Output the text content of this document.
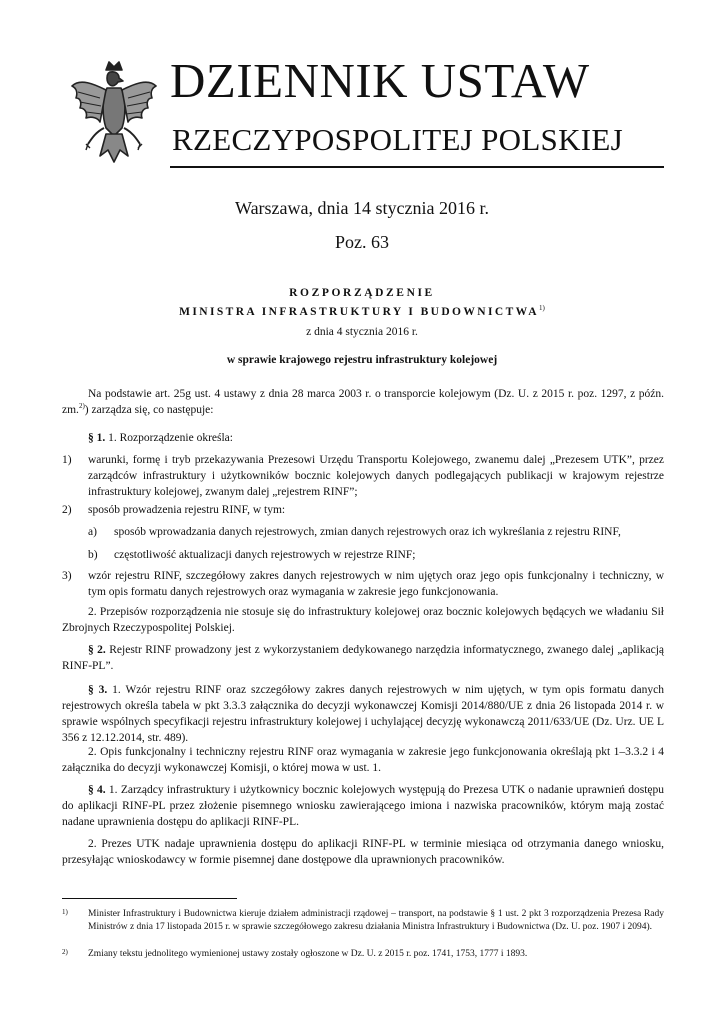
DZIENNIK USTAW
RZECZYPOSPOLITEJ POLSKIEJ
Warszawa, dnia 14 stycznia 2016 r.
Poz. 63
ROZPORZĄDZENIE
MINISTRA INFRASTRUKTURY I BUDOWNICTWA$^{1)}$
z dnia 4 stycznia 2016 r.
w sprawie krajowego rejestru infrastruktury kolejowej

Na podstawie art. 25g ust. 4 ustawy z dnia 28 marca 2003 r. o transporcie kolejowym (Dz. U. z 2015 r. poz. 1297, z późn. zm.$^{2)}$) zarządza się, co następuje:

§ 1. 1. Rozporządzenie określa:

1) warunki, formę i tryb przekazywania Prezesowi Urzędu Transportu Kolejowego, zwanemu dalej „Prezesem UTK”, przez zarządców infrastruktury i użytkowników bocznic kolejowych danych podlegających publikacji w krajowym rejestrze infrastruktury kolejowej, zwanym dalej „rejestrem RINF”;

2) sposób prowadzenia rejestru RINF, w tym:

a) sposób wprowadzania danych rejestrowych, zmian danych rejestrowych oraz ich wykreślania z rejestru RINF,

b) częstotliwość aktualizacji danych rejestrowych w rejestrze RINF;

3) wzór rejestru RINF, szczegółowy zakres danych rejestrowych w nim ujętych oraz jego opis funkcjonalny i techniczny, w tym opis formatu danych rejestrowych oraz wymagania w zakresie jego funkcjonowania.

2. Przepisów rozporządzenia nie stosuje się do infrastruktury kolejowej oraz bocznic kolejowych będących we władaniu Sił Zbrojnych Rzeczypospolitej Polskiej.

§ 2. Rejestr RINF prowadzony jest z wykorzystaniem dedykowanego narzędzia informatycznego, zwanego dalej „aplikacją RINF-PL”.

§ 3. 1. Wzór rejestru RINF oraz szczegółowy zakres danych rejestrowych w nim ujętych, w tym opis formatu danych rejestrowych określa tabela w pkt 3.3.3 załącznika do decyzji wykonawczej Komisji 2014/880/UE z dnia 26 listopada 2014 r. w sprawie wspólnych specyfikacji rejestru infrastruktury kolejowej i uchylającej decyzję wykonawczą 2011/633/UE (Dz. Urz. UE L 356 z 12.12.2014, str. 489).

2. Opis funkcjonalny i techniczny rejestru RINF oraz wymagania w zakresie jego funkcjonowania określają pkt 1–3.3.2 i 4 załącznika do decyzji wykonawczej Komisji, o której mowa w ust. 1.

§ 4. 1. Zarządcy infrastruktury i użytkownicy bocznic kolejowych występują do Prezesa UTK o nadanie uprawnień dostępu do aplikacji RINF-PL przez złożenie pisemnego wniosku zawierającego imiona i nazwiska pracowników, którym mają zostać nadane uprawnienia dostępu do aplikacji RINF-PL.

2. Prezes UTK nadaje uprawnienia dostępu do aplikacji RINF-PL w terminie miesiąca od otrzymania danego wniosku, przesyłając wnioskodawcy w formie pisemnej dane dostępowe dla uprawnionych pracowników.

1) Minister Infrastruktury i Budownictwa kieruje działem administracji rządowej – transport, na podstawie § 1 ust. 2 pkt 3 rozporządzenia Prezesa Rady Ministrów z dnia 17 listopada 2015 r. w sprawie szczegółowego zakresu działania Ministra Infrastruktury i Budownictwa (Dz. U. poz. 1907 i 2094).
2) Zmiany tekstu jednolitego wymienionej ustawy zostały ogłoszone w Dz. U. z 2015 r. poz. 1741, 1753, 1777 i 1893.
